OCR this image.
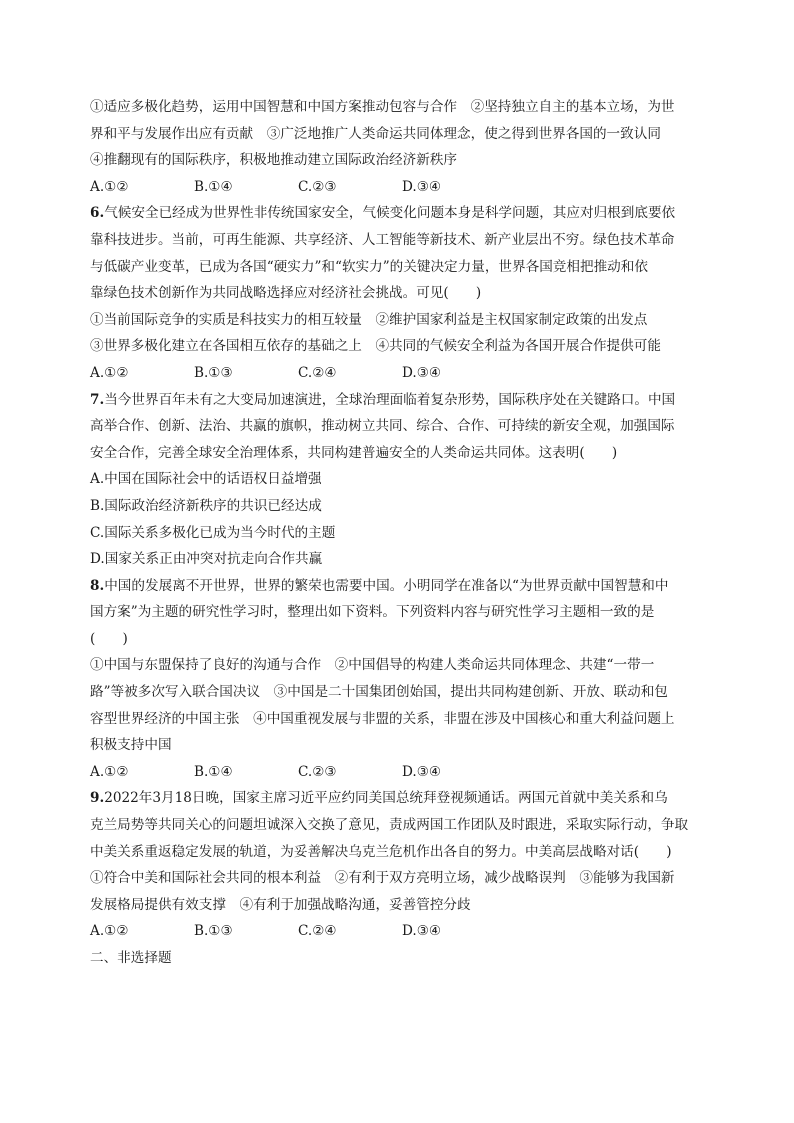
①适应多极化趋势，运用中国智慧和中国方案推动包容与合作　②坚持独立自主的基本立场，为世
界和平与发展作出应有贡献　③广泛地推广人类命运共同体理念，使之得到世界各国的一致认同
④推翻现有的国际秩序，积极地推动建立国际政治经济新秩序
A.①②	B.①④	C.②③	D.③④
6.气候安全已经成为世界性非传统国家安全，气候变化问题本身是科学问题，其应对归根到底要依
靠科技进步。当前，可再生能源、共享经济、人工智能等新技术、新产业层出不穷。绿色技术革命
与低碳产业变革，已成为各国“硬实力”和“软实力”的关键决定力量，世界各国竞相把推动和依
靠绿色技术创新作为共同战略选择应对经济社会挑战。可见(　　)
①当前国际竞争的实质是科技实力的相互较量　②维护国家利益是主权国家制定政策的出发点
③世界多极化建立在各国相互依存的基础之上　④共同的气候安全利益为各国开展合作提供可能
A.①②	B.①③	C.②④	D.③④
7.当今世界百年未有之大变局加速演进，全球治理面临着复杂形势，国际秩序处在关键路口。中国
高举合作、创新、法治、共赢的旗帜，推动树立共同、综合、合作、可持续的新安全观，加强国际
安全合作，完善全球安全治理体系，共同构建普遍安全的人类命运共同体。这表明(　　)
A.中国在国际社会中的话语权日益增强
B.国际政治经济新秩序的共识已经达成
C.国际关系多极化已成为当今时代的主题
D.国家关系正由冲突对抗走向合作共赢
8.中国的发展离不开世界，世界的繁荣也需要中国。小明同学在准备以“为世界贡献中国智慧和中
国方案”为主题的研究性学习时，整理出如下资料。下列资料内容与研究性学习主题相一致的是
(　　)
①中国与东盟保持了良好的沟通与合作　②中国倡导的构建人类命运共同体理念、共建“一带一
路”等被多次写入联合国决议　③中国是二十国集团创始国，提出共同构建创新、开放、联动和包
容型世界经济的中国主张　④中国重视发展与非盟的关系，非盟在涉及中国核心和重大利益问题上
积极支持中国
A.①②	B.①④	C.②③	D.③④
9.2022年3月18日晚，国家主席习近平应约同美国总统拜登视频通话。两国元首就中美关系和乌
克兰局势等共同关心的问题坦诚深入交换了意见，责成两国工作团队及时跟进，采取实际行动，争取
中美关系重返稳定发展的轨道，为妥善解决乌克兰危机作出各自的努力。中美高层战略对话(　　)
①符合中美和国际社会共同的根本利益　②有利于双方亮明立场，减少战略误判　③能够为我国新
发展格局提供有效支撑　④有利于加强战略沟通，妥善管控分歧
A.①②	B.①③	C.②④	D.③④
二、非选择题
